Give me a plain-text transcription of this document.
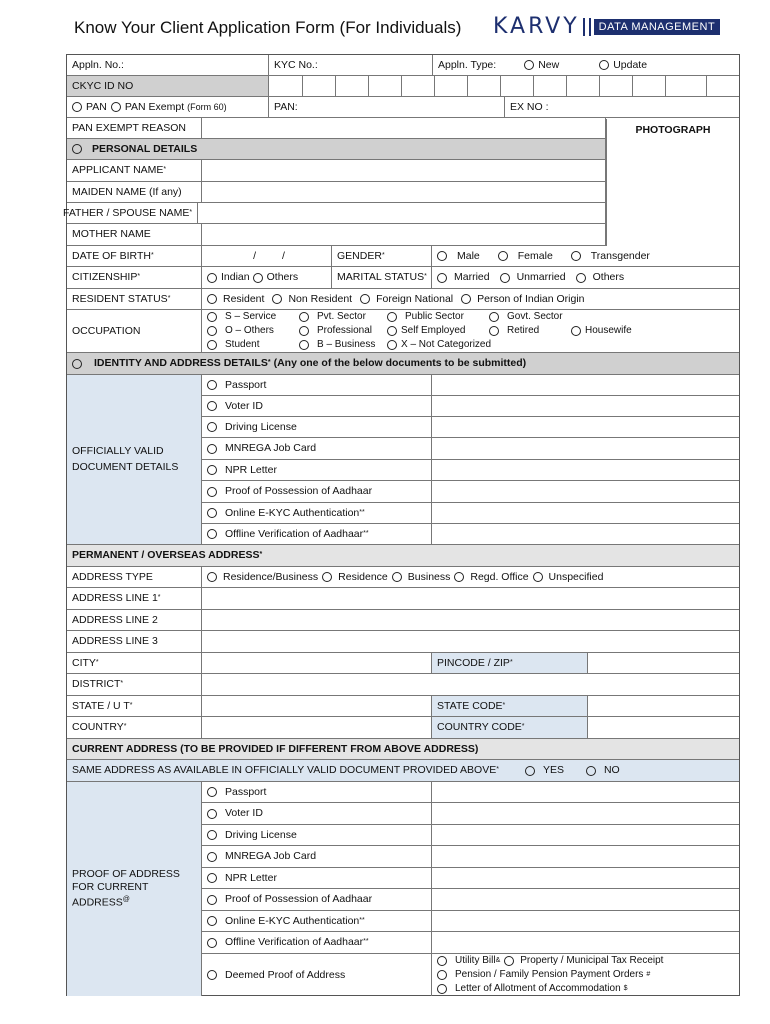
Know Your Client Application Form (For Individuals) KARVY	DATA MANAGEMENT
Appln. No.:	KYC No.:	Appln. Type:	New	Update
CKYC ID NO
PAN PAN Exempt (Form 60)	PAN:	EX NO :
PAN EXEMPT REASON
PERSONAL DETAILS
APPLICANT NAME *
MAIDEN NAME (If any)
FATHER / SPOUSE NAME *
MOTHER NAME
PHOTOGRAPH
DATE OF BIRTH *	/ /	GENDER *	Male	Female	Transgender
CITIZENSHIP *	Indian Others	MARITAL STATUS *	Married	Unmarried	Others
RESIDENT STATUS *	Resident Non Resident Foreign National Person of Indian Origin
OCCUPATION
S – Service	Pvt. Sector	Public Sector	Govt. Sector
O – Others	Professional	Self Employed	Retired	Housewife
Student	B – Business	X – Not Categorized
IDENTITY AND ADDRESS DETAILS * (Any one of the below documents to be submitted)
OFFICIALLY VALID
DOCUMENT DETAILS
Passport
Voter ID
Driving License
MNREGA Job Card
NPR Letter
Proof of Possession of Aadhaar
Online E-KYC Authentication **
Offline Verification of Aadhaar **
PERMANENT / OVERSEAS ADDRESS *
ADDRESS TYPE	Residence/Business Residence Business Regd. Office Unspecified
ADDRESS LINE 1 *
ADDRESS LINE 2
ADDRESS LINE 3
CITY *	PINCODE / ZIP *
DISTRICT *
STATE / U T *	STATE CODE *
COUNTRY *	COUNTRY CODE *
CURRENT ADDRESS (TO BE PROVIDED IF DIFFERENT FROM ABOVE ADDRESS)
SAME ADDRESS AS AVAILABLE IN OFFICIALLY VALID DOCUMENT PROVIDED ABOVE *	YES	NO
PROOF OF ADDRESS
FOR CURRENT
ADDRESS@
Passport
Voter ID
Driving License
MNREGA Job Card
NPR Letter
Proof of Possession of Aadhaar
Online E-KYC Authentication **
Offline Verification of Aadhaar **
Deemed Proof of Address
Utility Bill & Property / Municipal Tax Receipt
Pension / Family Pension Payment Orders #
Letter of Allotment of Accommodation $
